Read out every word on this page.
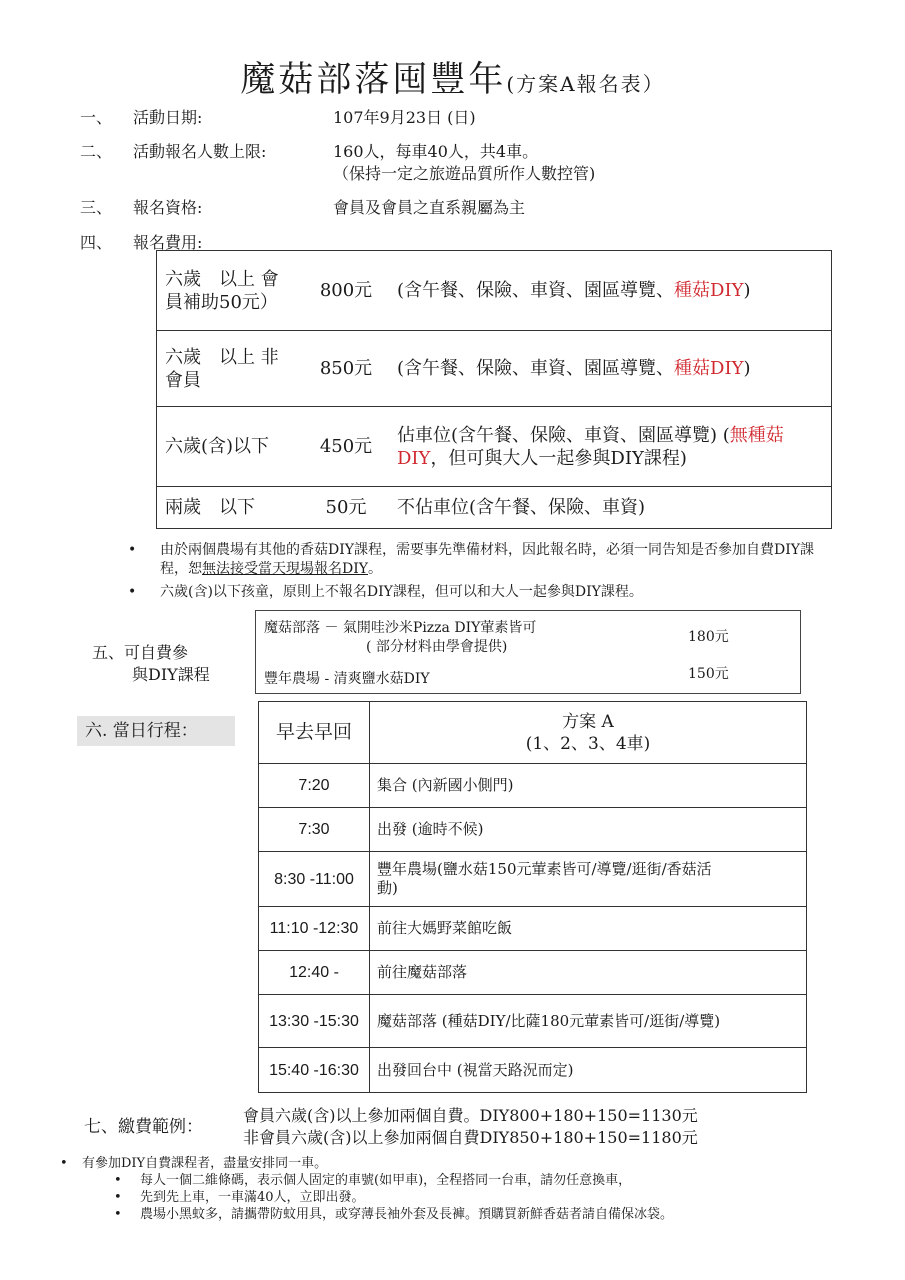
魔菇部落囤豐年(方案A報名表）
一、 活動日期:	107年9月23日 (日)
二、 活動報名人數上限:	160人，每車40人，共4車。
（保持一定之旅遊品質所作人數控管)
三、 報名資格:	會員及會員之直系親屬為主
四、 報名費用:
六歲　以上 會員補助50元）	800元	(含午餐、保險、車資、園區導覽、種菇DIY)
六歲　以上 非會員	850元	(含午餐、保險、車資、園區導覽、種菇DIY)
六歲(含)以下	450元	佔車位(含午餐、保險、車資、園區導覽) (無種菇DIY，但可與大人一起參與DIY課程)
兩歲　以下	50元	不佔車位(含午餐、保險、車資)
• 由於兩個農場有其他的香菇DIY課程，需要事先準備材料，因此報名時，必須一同告知是否參加自費DIY課程，恕無法接受當天現場報名DIY。
• 六歲(含)以下孩童，原則上不報名DIY課程，但可以和大人一起參與DIY課程。
五、可自費參
與DIY課程
魔菇部落 － 氣開哇沙米Pizza DIY葷素皆可
( 部分材料由學會提供)
180元
豐年農場 - 清爽鹽水菇DIY	150元
六. 當日行程：	早去早回	方案 A
(1、2、3、4車)

7:20	集合 (內新國小側門)
7:30	出發 (逾時不候)
8:30 -11:00	豐年農場(鹽水菇150元葷素皆可/導覽/逛街/香菇活動)

11:10 -12:30	前往大媽野菜館吃飯
12:40 -	前往魔菇部落
13:30 -15:30	魔菇部落 (種菇DIY/比薩180元葷素皆可/逛街/導覽)
15:40 -16:30	出發回台中 (視當天路況而定)
七、繳費範例：
會員六歲(含)以上參加兩個自費。DIY800+180+150=1130元
非會員六歲(含)以上參加兩個自費DIY850+180+150=1180元
• 有參加DIY自費課程者，盡量安排同一車。
• 每人一個二維條碼，表示個人固定的車號(如甲車)，全程搭同一台車，請勿任意換車，
• 先到先上車，一車滿40人，立即出發。
• 農場小黑蚊多，請攜帶防蚊用具，或穿薄長袖外套及長褲。預購買新鮮香菇者請自備保冰袋。
